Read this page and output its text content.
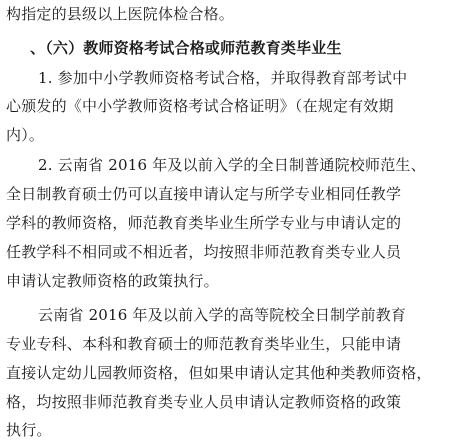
构指定的县级以上医院体检合格。
、（六）教师资格考试合格或师范教育类毕业生
1. 参加中小学教师资格考试合格，并取得教育部考试中
心颁发的《中小学教师资格考试合格证明》（在规定有效期
内）。
2. 云南省 2016 年及以前入学的全日制普通院校师范生、
全日制教育硕士仍可以直接申请认定与所学专业相同任教学
学科的教师资格，师范教育类毕业生所学专业与申请认定的
任教学科不相同或不相近者，均按照非师范教育类专业人员
申请认定教师资格的政策执行。
云南省 2016 年及以前入学的高等院校全日制学前教育
专业专科、本科和教育硕士的师范教育类毕业生，只能申请
直接认定幼儿园教师资格，但如果申请认定其他种类教师资格，
格，均按照非师范教育类专业人员申请认定教师资格的政策
执行。
